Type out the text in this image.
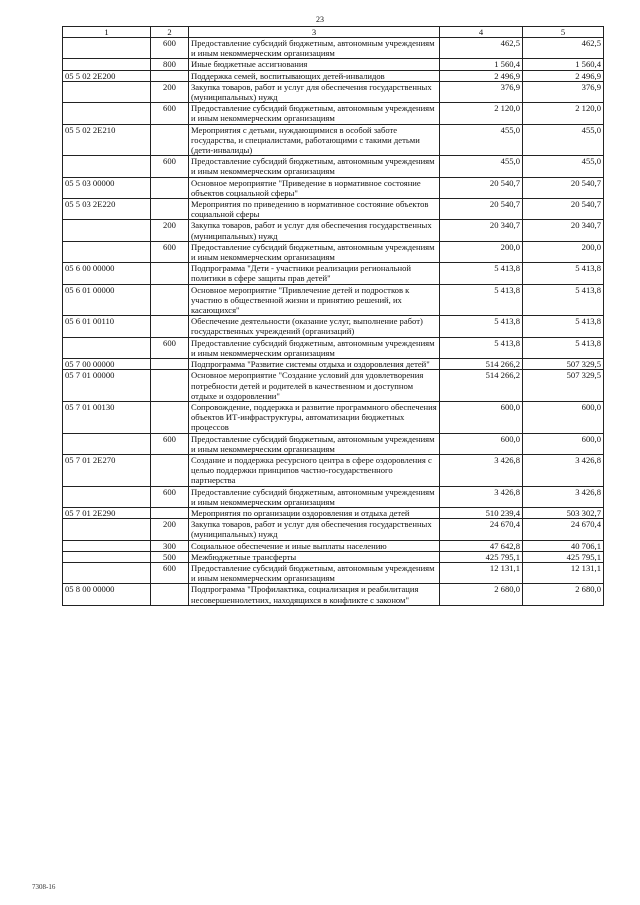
23
1	2	3	4	5
	600	Предоставление субсидий бюджетным, автономным учреждениям и иным некоммерческим организациям	462,5	462,5
	800	Иные бюджетные ассигнования	1 560,4	1 560,4
05 5 02 2Е200		Поддержка семей, воспитывающих детей-инвалидов	2 496,9	2 496,9
	200	Закупка товаров, работ и услуг для обеспечения государственных (муниципальных) нужд	376,9	376,9
	600	Предоставление субсидий бюджетным, автономным учреждениям и иным некоммерческим организациям	2 120,0	2 120,0
05 5 02 2Е210		Мероприятия с детьми, нуждающимися в особой заботе государства, и специалистами, работающими с такими детьми (дети-инвалиды)	455,0	455,0
	600	Предоставление субсидий бюджетным, автономным учреждениям и иным некоммерческим организациям	455,0	455,0
05 5 03 00000		Основное мероприятие "Приведение в нормативное состояние объектов социальной сферы"	20 540,7	20 540,7
05 5 03 2Е220		Мероприятия по приведению в нормативное состояние объектов социальной сферы	20 540,7	20 540,7
	200	Закупка товаров, работ и услуг для обеспечения государственных (муниципальных) нужд	20 340,7	20 340,7
	600	Предоставление субсидий бюджетным, автономным учреждениям и иным некоммерческим организациям	200,0	200,0
05 6 00 00000		Подпрограмма "Дети - участники реализации региональной политики в сфере защиты прав детей"	5 413,8	5 413,8
05 6 01 00000		Основное мероприятие "Привлечение детей и подростков к участию в общественной жизни и принятию решений, их касающихся"	5 413,8	5 413,8
05 6 01 00110		Обеспечение деятельности (оказание услуг, выполнение работ) государственных учреждений (организаций)	5 413,8	5 413,8
	600	Предоставление субсидий бюджетным, автономным учреждениям и иным некоммерческим организациям	5 413,8	5 413,8
05 7 00 00000		Подпрограмма "Развитие системы отдыха и оздоровления детей"	514 266,2	507 329,5
05 7 01 00000		Основное мероприятие "Создание условий для удовлетворения потребности детей и родителей в качественном и доступном отдыхе и оздоровлении"	514 266,2	507 329,5
05 7 01 00130		Сопровождение, поддержка и развитие программного обеспечения объектов ИТ-инфраструктуры, автоматизации бюджетных процессов	600,0	600,0
	600	Предоставление субсидий бюджетным, автономным учреждениям и иным некоммерческим организациям	600,0	600,0
05 7 01 2Е270		Создание и поддержка ресурсного центра в сфере оздоровления с целью поддержки принципов частно-государственного партнерства	3 426,8	3 426,8
	600	Предоставление субсидий бюджетным, автономным учреждениям и иным некоммерческим организациям	3 426,8	3 426,8
05 7 01 2Е290		Мероприятия по организации оздоровления и отдыха детей	510 239,4	503 302,7
	200	Закупка товаров, работ и услуг для обеспечения государственных (муниципальных) нужд	24 670,4	24 670,4
	300	Социальное обеспечение и иные выплаты населению	47 642,8	40 706,1
	500	Межбюджетные трансферты	425 795,1	425 795,1
	600	Предоставление субсидий бюджетным, автономным учреждениям и иным некоммерческим организациям	12 131,1	12 131,1
05 8 00 00000		Подпрограмма "Профилактика, социализация и реабилитация несовершеннолетних, находящихся в конфликте с законом"	2 680,0	2 680,0
7308-16
